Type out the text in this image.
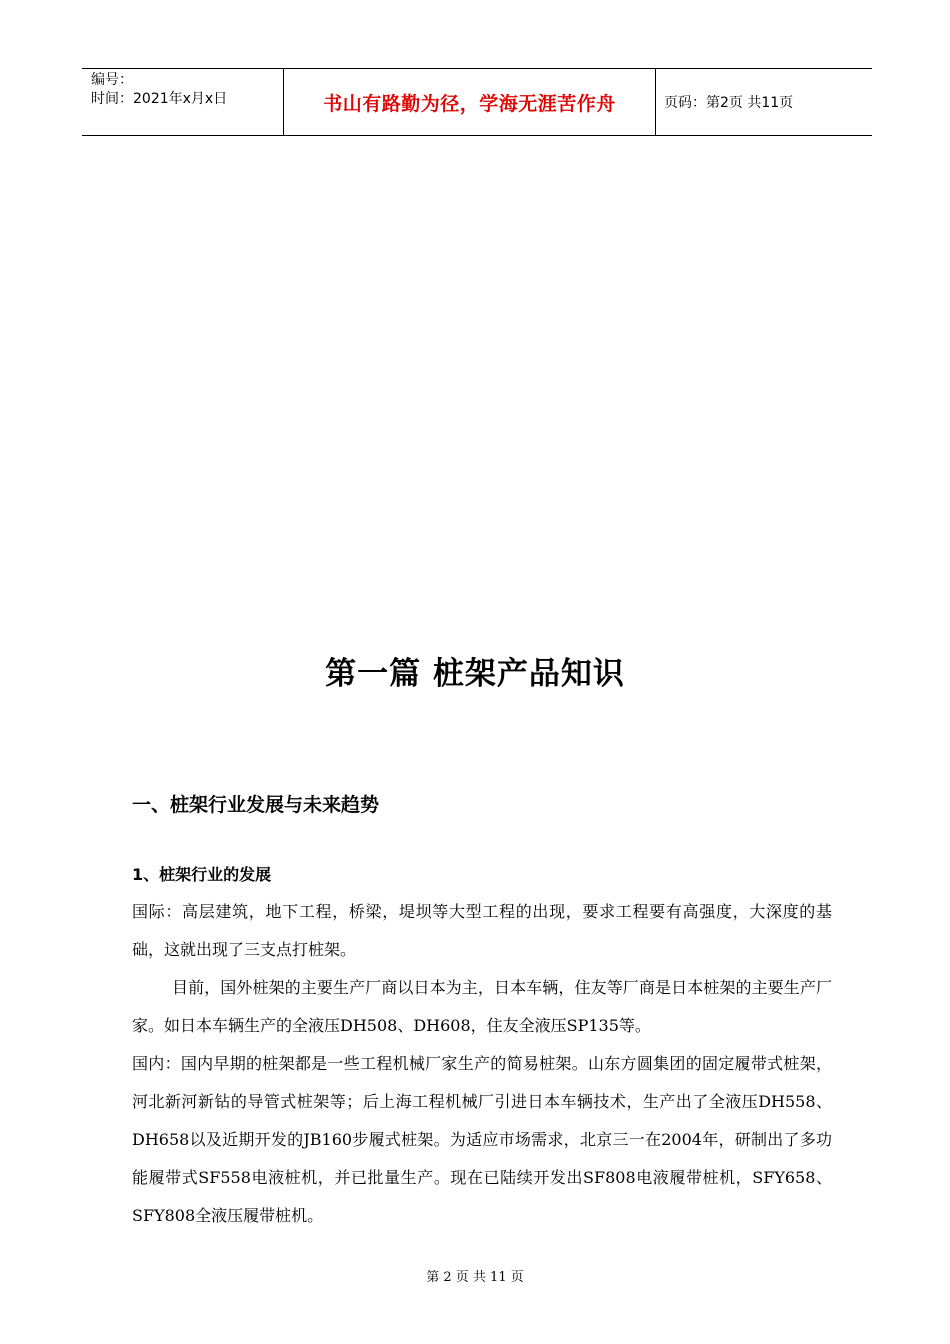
编号：
时间：2021年x月x日	书山有路勤为径，学海无涯苦作舟	页码：第2页 共11页
第一篇 桩架产品知识
一、桩架行业发展与未来趋势
1、桩架行业的发展

国际：高层建筑，地下工程，桥梁，堤坝等大型工程的出现，要求工程要有高强度，大深度的基础，这就出现了三支点打桩架。

目前，国外桩架的主要生产厂商以日本为主，日本车辆，住友等厂商是日本桩架的主要生产厂家。如日本车辆生产的全液压DH508、DH608，住友全液压SP135等。

国内：国内早期的桩架都是一些工程机械厂家生产的简易桩架。山东方圆集团的固定履带式桩架，河北新河新钻的导管式桩架等；后上海工程机械厂引进日本车辆技术，生产出了全液压DH558、DH658以及近期开发的JB160步履式桩架。为适应市场需求，北京三一在2004年，研制出了多功能履带式SF558电液桩机，并已批量生产。现在已陆续开发出SF808电液履带桩机，SFY658、SFY808全液压履带桩机。

第 2 页 共 11 页
